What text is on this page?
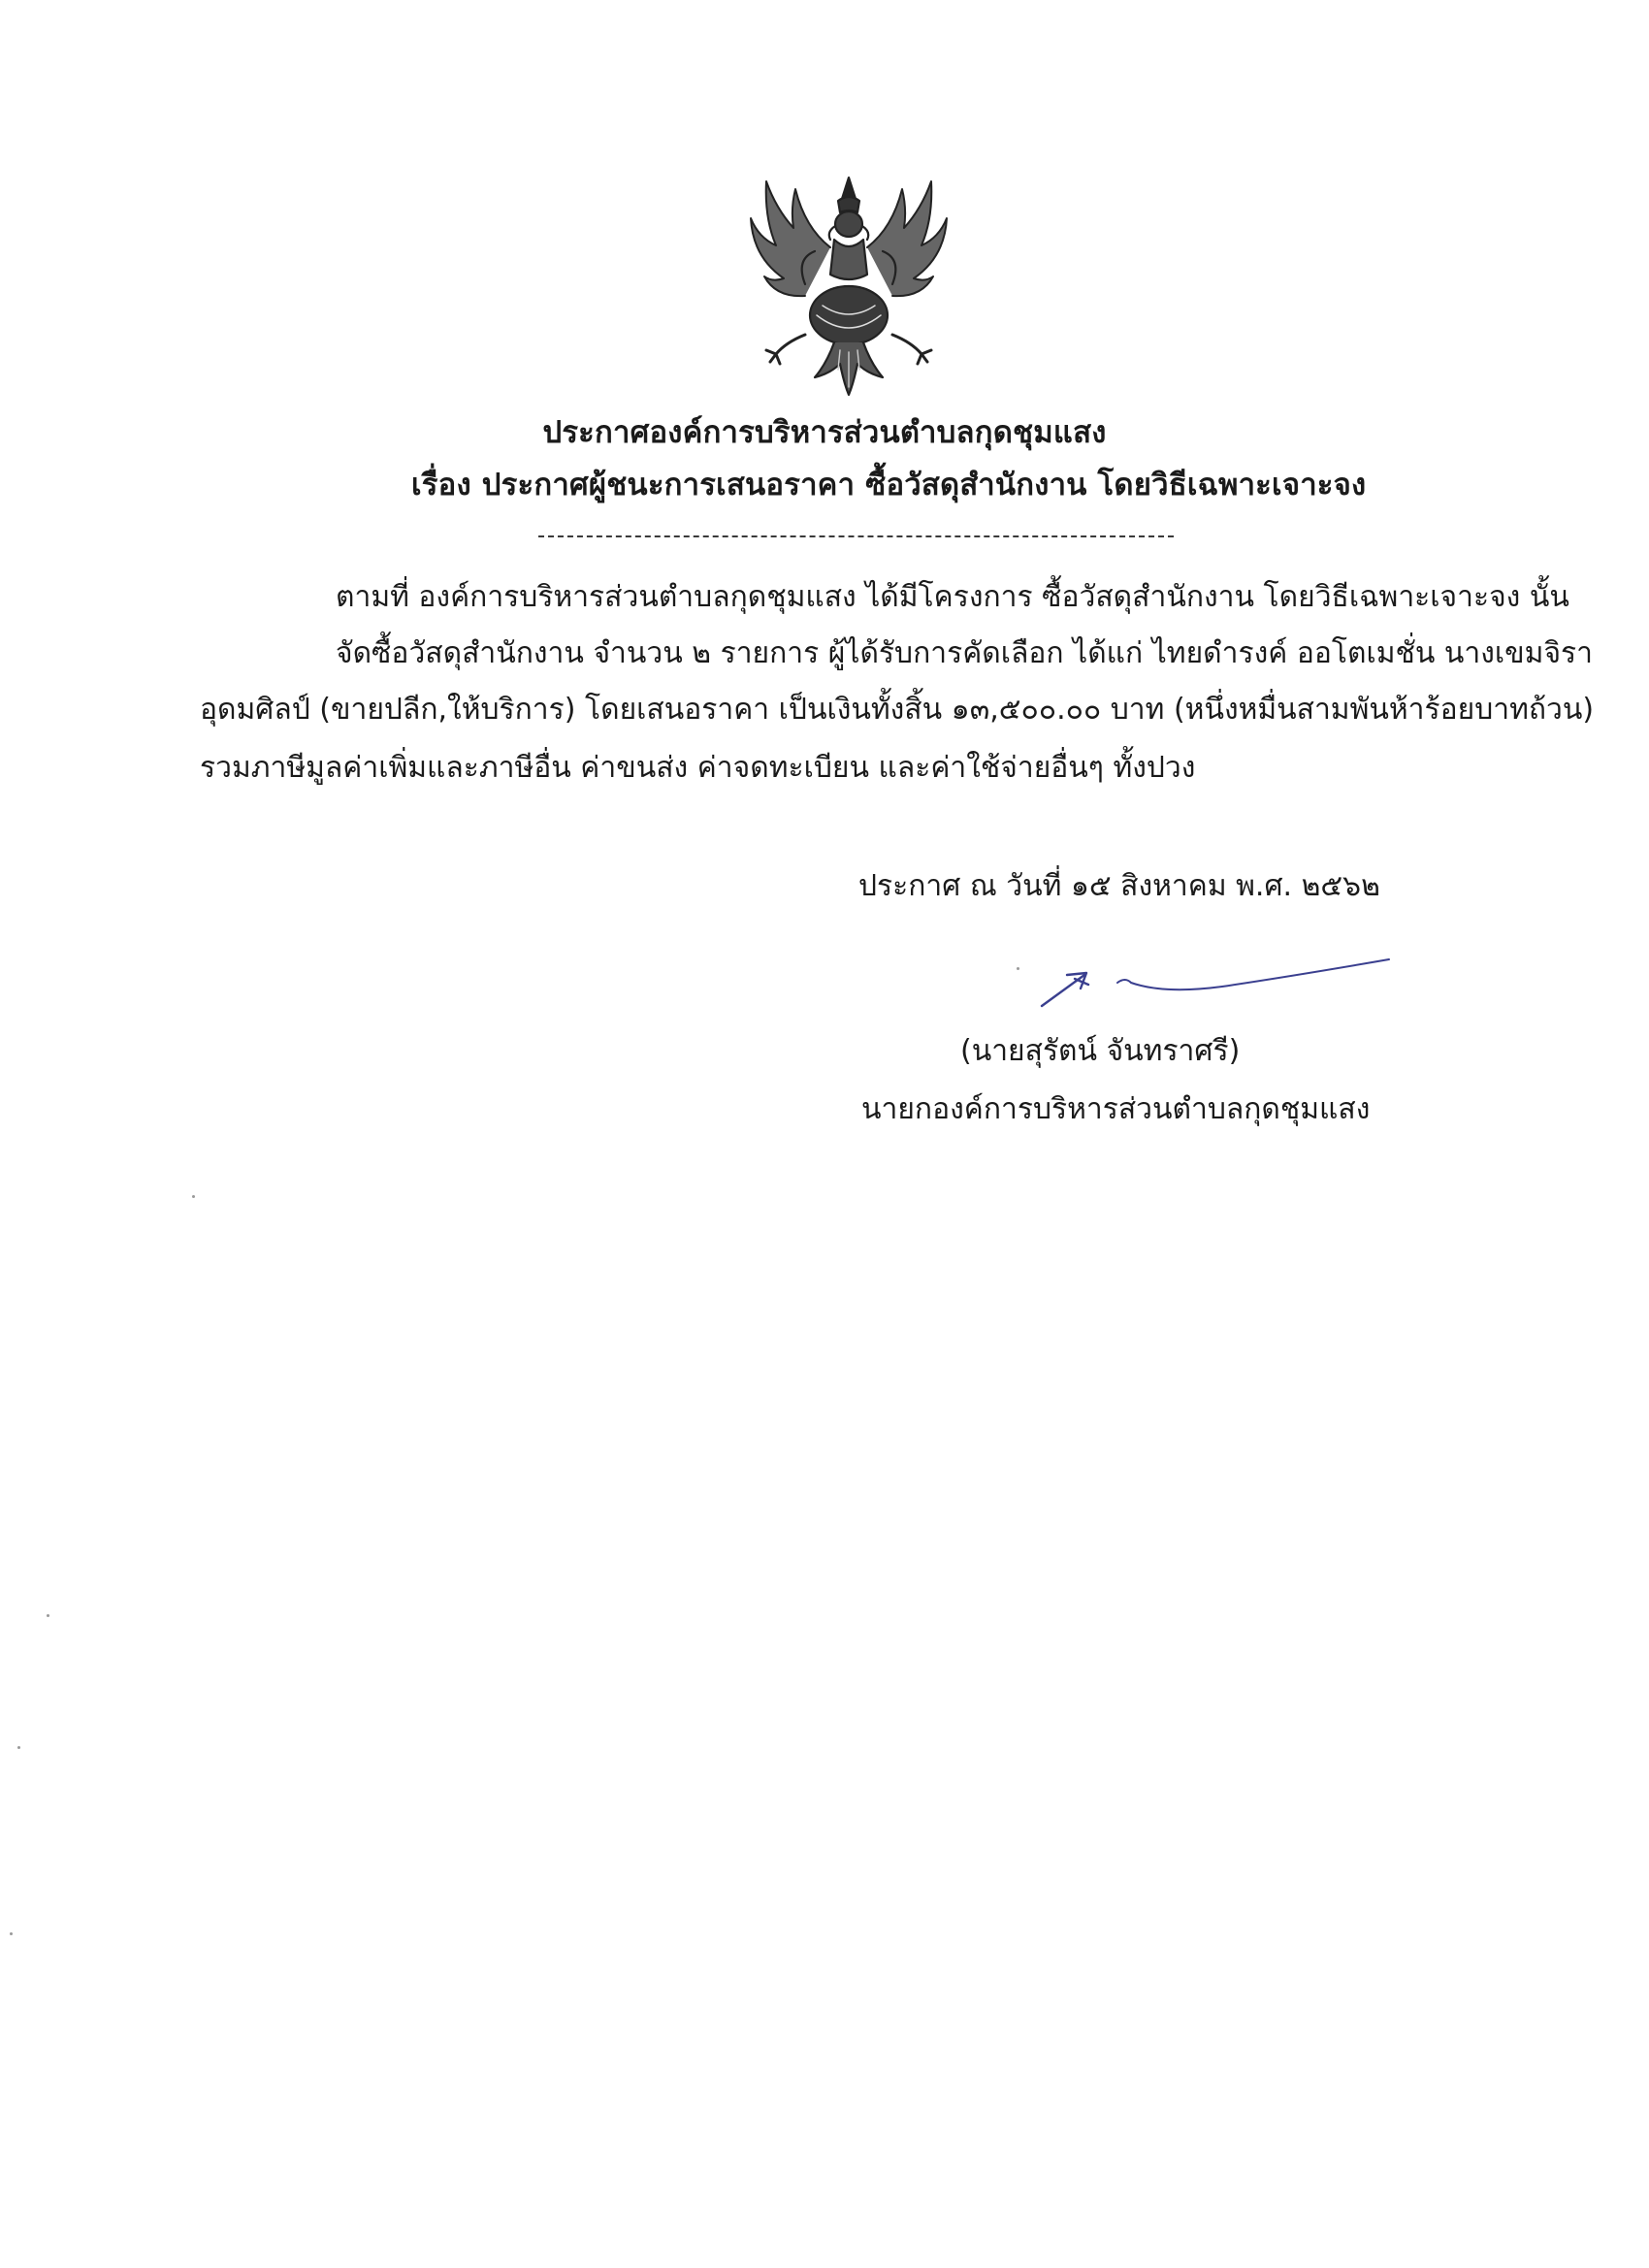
ประกาศองค์การบริหารส่วนตำบลกุดชุมแสง
เรื่อง ประกาศผู้ชนะการเสนอราคา ซื้อวัสดุสำนักงาน โดยวิธีเฉพาะเจาะจง
ตามที่ องค์การบริหารส่วนตำบลกุดชุมแสง ได้มีโครงการ ซื้อวัสดุสำนักงาน โดยวิธีเฉพาะเจาะจง นั้น
จัดซื้อวัสดุสำนักงาน จำนวน ๒ รายการ ผู้ได้รับการคัดเลือก ได้แก่ ไทยดำรงค์ ออโตเมชั่น นางเขมจิรา
อุดมศิลป์ (ขายปลีก,ให้บริการ) โดยเสนอราคา เป็นเงินทั้งสิ้น ๑๓,๕๐๐.๐๐ บาท (หนึ่งหมื่นสามพันห้าร้อยบาทถ้วน)
รวมภาษีมูลค่าเพิ่มและภาษีอื่น ค่าขนส่ง ค่าจดทะเบียน และค่าใช้จ่ายอื่นๆ ทั้งปวง
ประกาศ ณ วันที่ ๑๕ สิงหาคม พ.ศ. ๒๕๖๒
(นายสุรัตน์ จันทราศรี)
นายกองค์การบริหารส่วนตำบลกุดชุมแสง
